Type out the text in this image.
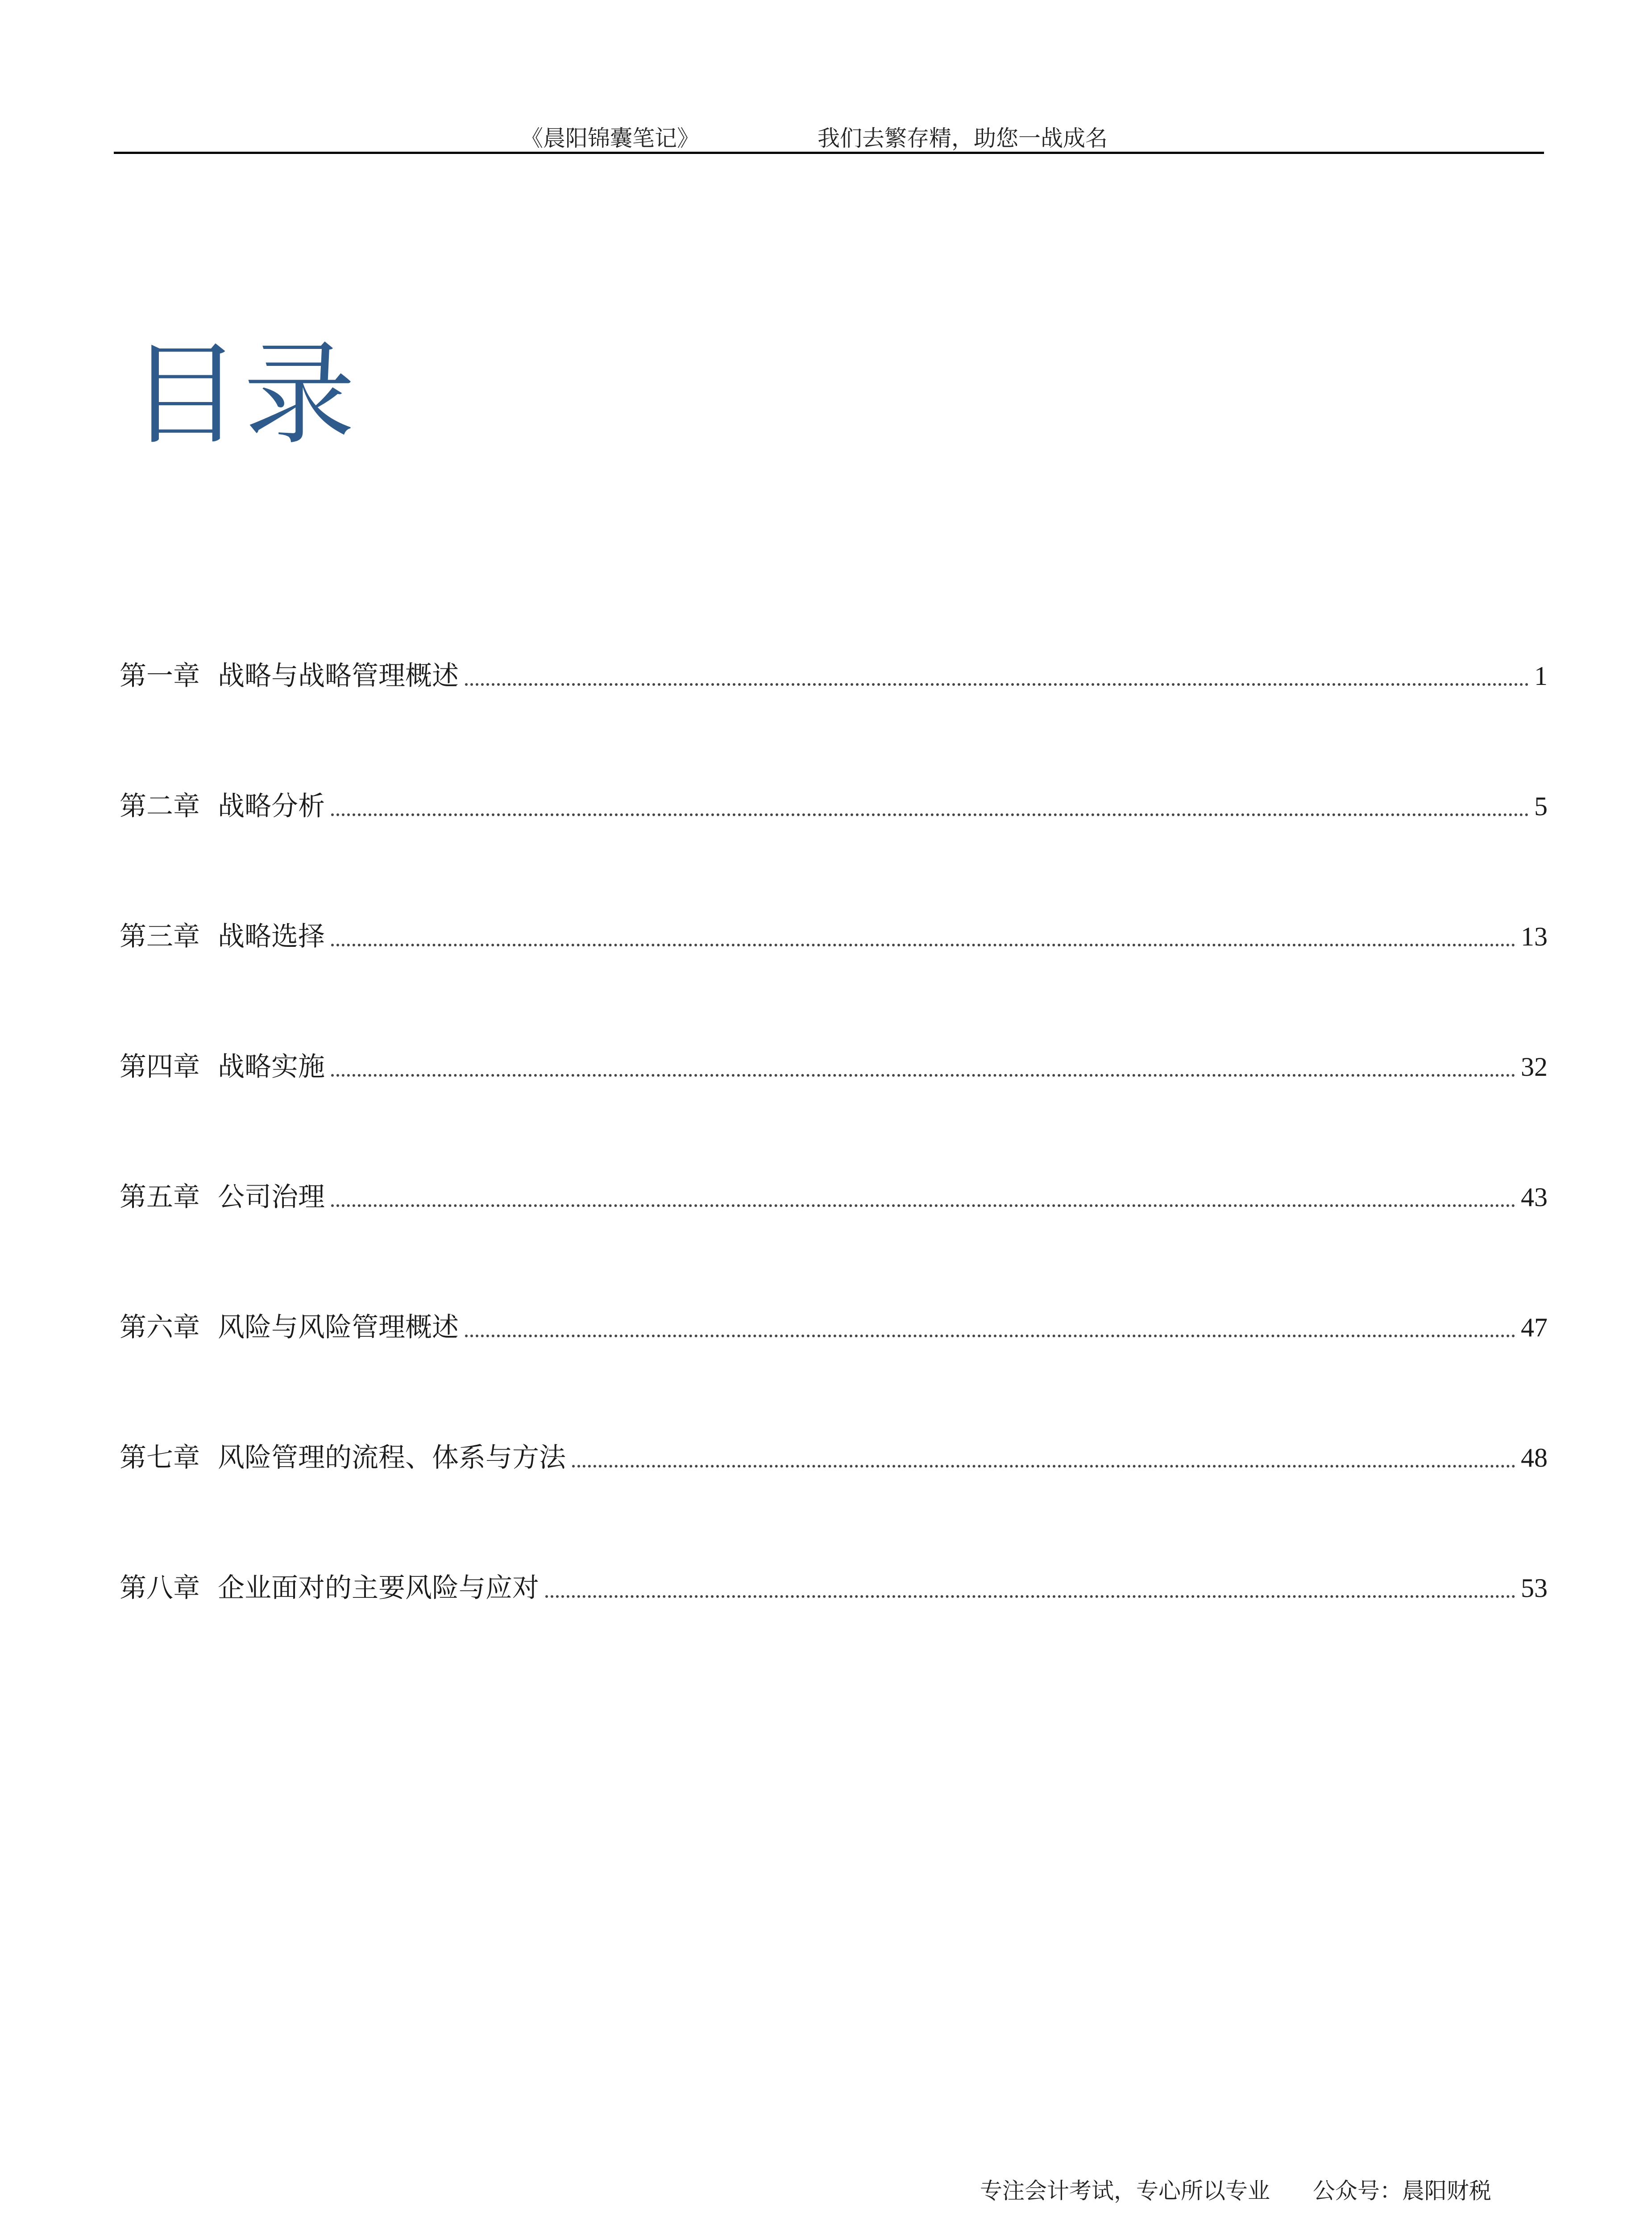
《晨阳锦囊笔记》	我们去繁存精，助您一战成名
目录
第一章 战略与战略管理概述	1
第二章 战略分析	5
第三章 战略选择	13
第四章 战略实施	32
第五章 公司治理	43
第六章 风险与风险管理概述	47
第七章 风险管理的流程、体系与方法	48
第八章 企业面对的主要风险与应对	53
专注会计考试，专心所以专业 公众号：晨阳财税
